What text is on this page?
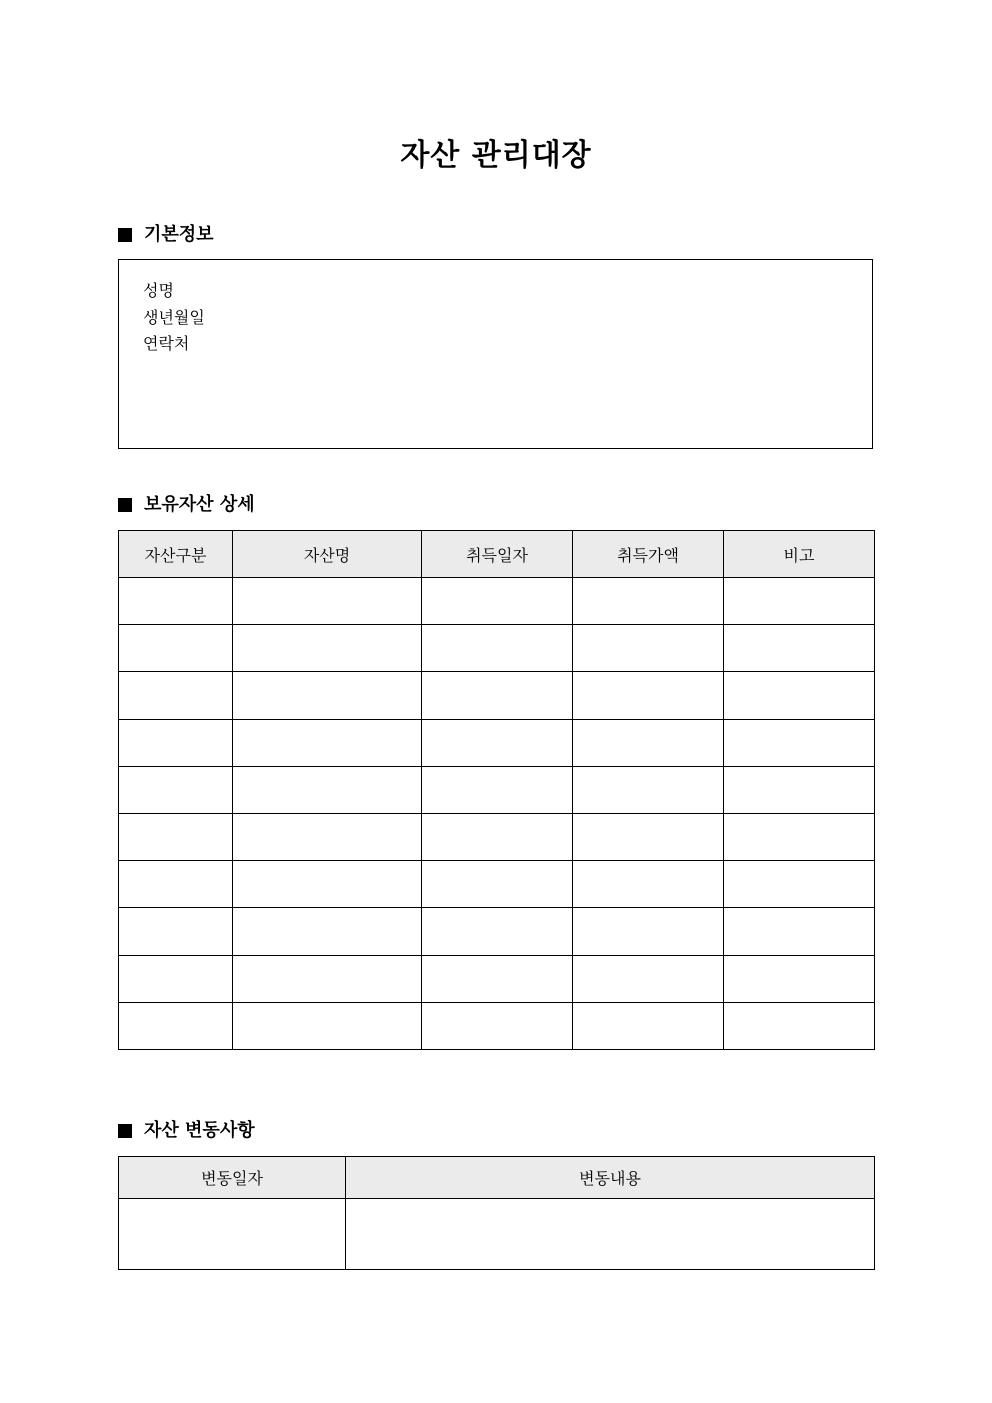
자산 관리대장
기본정보
성명
생년월일
연락처
보유자산 상세
자산구분	자산명	취득일자	취득가액	비고

자산 변동사항
변동일자	변동내용
